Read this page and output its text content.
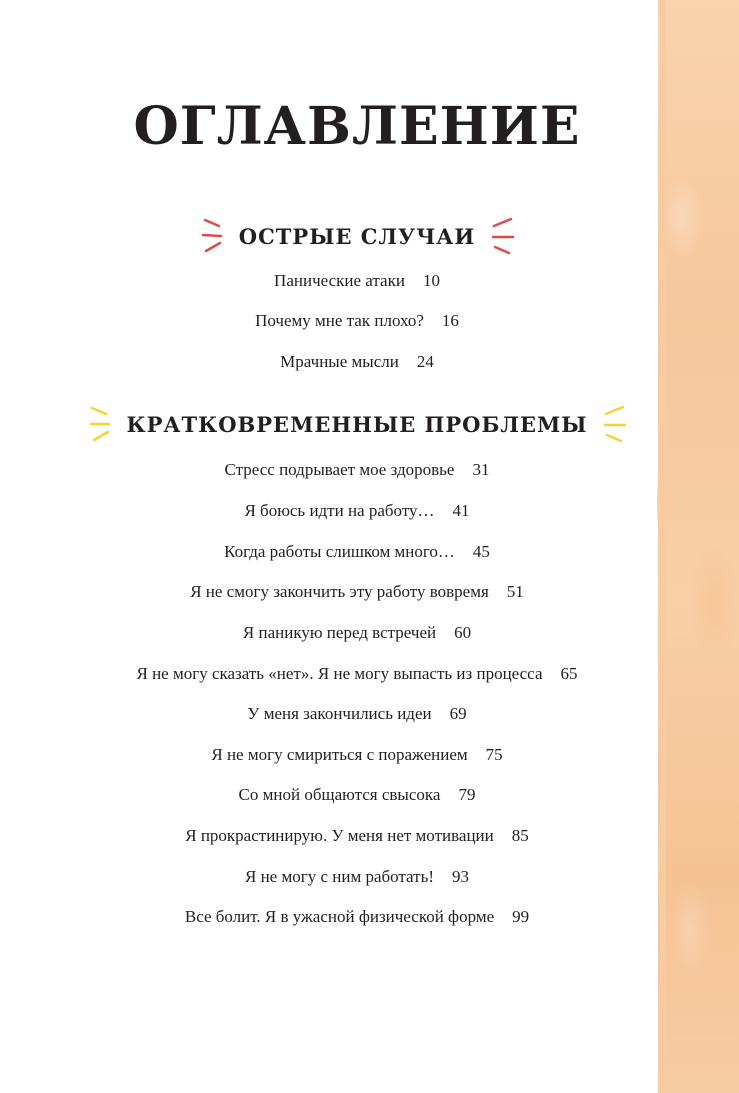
ОГЛАВЛЕНИЕ
ОСТРЫЕ СЛУЧАИ
Панические атаки 10
Почему мне так плохо? 16
Мрачные мысли 24
КРАТКОВРЕМЕННЫЕ ПРОБЛЕМЫ
Стресс подрывает мое здоровье 31
Я боюсь идти на работу… 41
Когда работы слишком много… 45
Я не смогу закончить эту работу вовремя 51
Я паникую перед встречей 60
Я не могу сказать «нет». Я не могу выпасть из процесса 65
У меня закончились идеи 69
Я не могу смириться с поражением 75
Со мной общаются свысока 79
Я прокрастинирую. У меня нет мотивации 85
Я не могу с ним работать! 93
Все болит. Я в ужасной физической форме 99
